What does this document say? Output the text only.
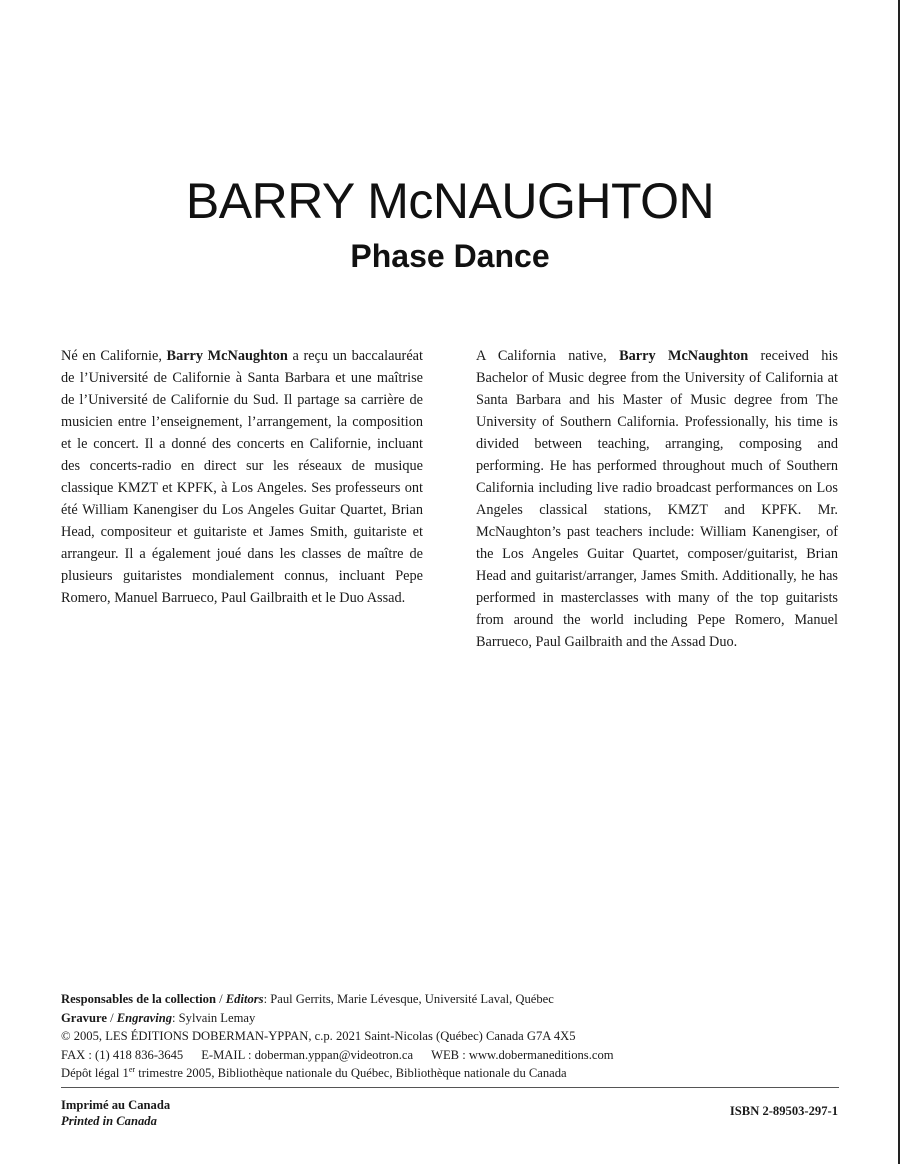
BARRY McNAUGHTON
Phase Dance

Né en Californie, Barry McNaughton a reçu un baccalauréat de l’Université de Californie à Santa Barbara et une maîtrise de l’Université de Californie du Sud. Il partage sa carrière de musicien entre l’enseignement, l’arrangement, la composition et le concert. Il a donné des concerts en Californie, incluant des concerts-radio en direct sur les réseaux de musique classique KMZT et KPFK, à Los Angeles. Ses professeurs ont été William Kanengiser du Los Angeles Guitar Quartet, Brian Head, compositeur et guitariste et James Smith, guitariste et arrangeur. Il a également joué dans les classes de maître de plusieurs guitaristes mondialement connus, incluant Pepe Romero, Manuel Barrueco, Paul Gailbraith et le Duo Assad.

A California native, Barry McNaughton received his Bachelor of Music degree from the University of California at Santa Barbara and his Master of Music degree from The University of Southern California. Professionally, his time is divided between teaching, arranging, composing and performing. He has performed throughout much of Southern California including live radio broadcast performances on Los Angeles classical stations, KMZT and KPFK. Mr. McNaughton’s past teachers include: William Kanengiser, of the Los Angeles Guitar Quartet, composer/guitarist, Brian Head and guitarist/arranger, James Smith. Additionally, he has performed in masterclasses with many of the top guitarists from around the world including Pepe Romero, Manuel Barrueco, Paul Gailbraith and the Assad Duo.

Responsables de la collection / Editors: Paul Gerrits, Marie Lévesque, Université Laval, Québec
Gravure / Engraving: Sylvain Lemay
© 2005, LES ÉDITIONS DOBERMAN-YPPAN, c.p. 2021 Saint-Nicolas (Québec) Canada G7A 4X5
FAX : (1) 418 836-3645 E-MAIL : doberman.yppan@videotron.ca WEB : www.dobermaneditions.com
Dépôt légal 1er trimestre 2005, Bibliothèque nationale du Québec, Bibliothèque nationale du Canada
Imprimé au Canada
Printed in Canada
ISBN 2-89503-297-1
